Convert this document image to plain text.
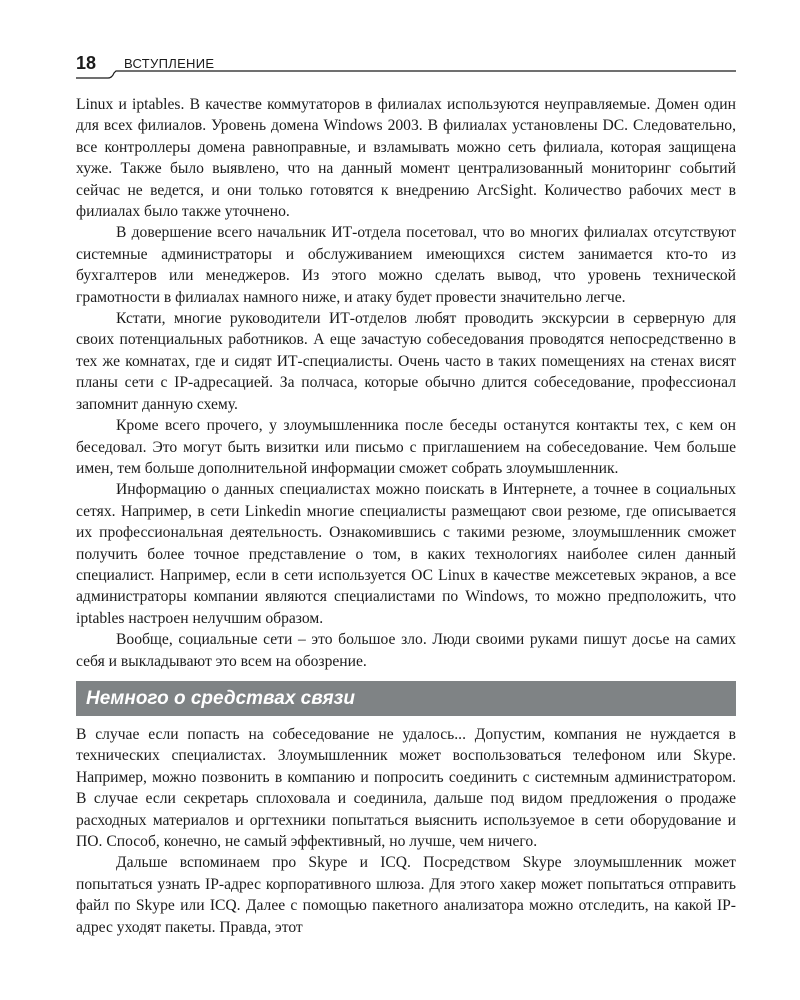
18 ВСТУПЛЕНИЕ

Linux и iptables. В качестве коммутаторов в филиалах используются неуправляемые. Домен один для всех филиалов. Уровень домена Windows 2003. В филиалах установлены DC. Следовательно, все контроллеры домена равноправные, и взламывать можно сеть филиала, которая защищена хуже. Также было выявлено, что на данный момент централизованный мониторинг событий сейчас не ведется, и они только готовятся к внедрению ArcSight. Количество рабочих мест в филиалах было также уточнено.

В довершение всего начальник ИТ-отдела посетовал, что во многих филиалах отсутствуют системные администраторы и обслуживанием имеющихся систем занимается кто-то из бухгалтеров или менеджеров. Из этого можно сделать вывод, что уровень технической грамотности в филиалах намного ниже, и атаку будет провести значительно легче.

Кстати, многие руководители ИТ-отделов любят проводить экскурсии в серверную для своих потенциальных работников. А еще зачастую собеседования проводятся непосредственно в тех же комнатах, где и сидят ИТ-специалисты. Очень часто в таких помещениях на стенах висят планы сети с IP-адресацией. За полчаса, которые обычно длится собеседование, профессионал запомнит данную схему.

Кроме всего прочего, у злоумышленника после беседы останутся контакты тех, с кем он беседовал. Это могут быть визитки или письмо с приглашением на собеседование. Чем больше имен, тем больше дополнительной информации сможет собрать злоумышленник.

Информацию о данных специалистах можно поискать в Интернете, а точнее в социальных сетях. Например, в сети Linkedin многие специалисты размещают свои резюме, где описывается их профессиональная деятельность. Ознакомившись с такими резюме, злоумышленник сможет получить более точное представление о том, в каких технологиях наиболее силен данный специалист. Например, если в сети используется ОС Linux в качестве межсетевых экранов, а все администраторы компании являются специалистами по Windows, то можно предположить, что iptables настроен нелучшим образом.

Вообще, социальные сети – это большое зло. Люди своими руками пишут досье на самих себя и выкладывают это всем на обозрение.

Немного о средствах связи

В случае если попасть на собеседование не удалось... Допустим, компания не нуждается в технических специалистах. Злоумышленник может воспользоваться телефоном или Skype. Например, можно позвонить в компанию и попросить соединить с системным администратором. В случае если секретарь сплоховала и соединила, дальше под видом предложения о продаже расходных материалов и оргтехники попытаться выяснить используемое в сети оборудование и ПО. Способ, конечно, не самый эффективный, но лучше, чем ничего.

Дальше вспоминаем про Skype и ICQ. Посредством Skype злоумышленник может попытаться узнать IP-адрес корпоративного шлюза. Для этого хакер может попытаться отправить файл по Skype или ICQ. Далее с помощью пакетного анализатора можно отследить, на какой IP-адрес уходят пакеты. Правда, этот
